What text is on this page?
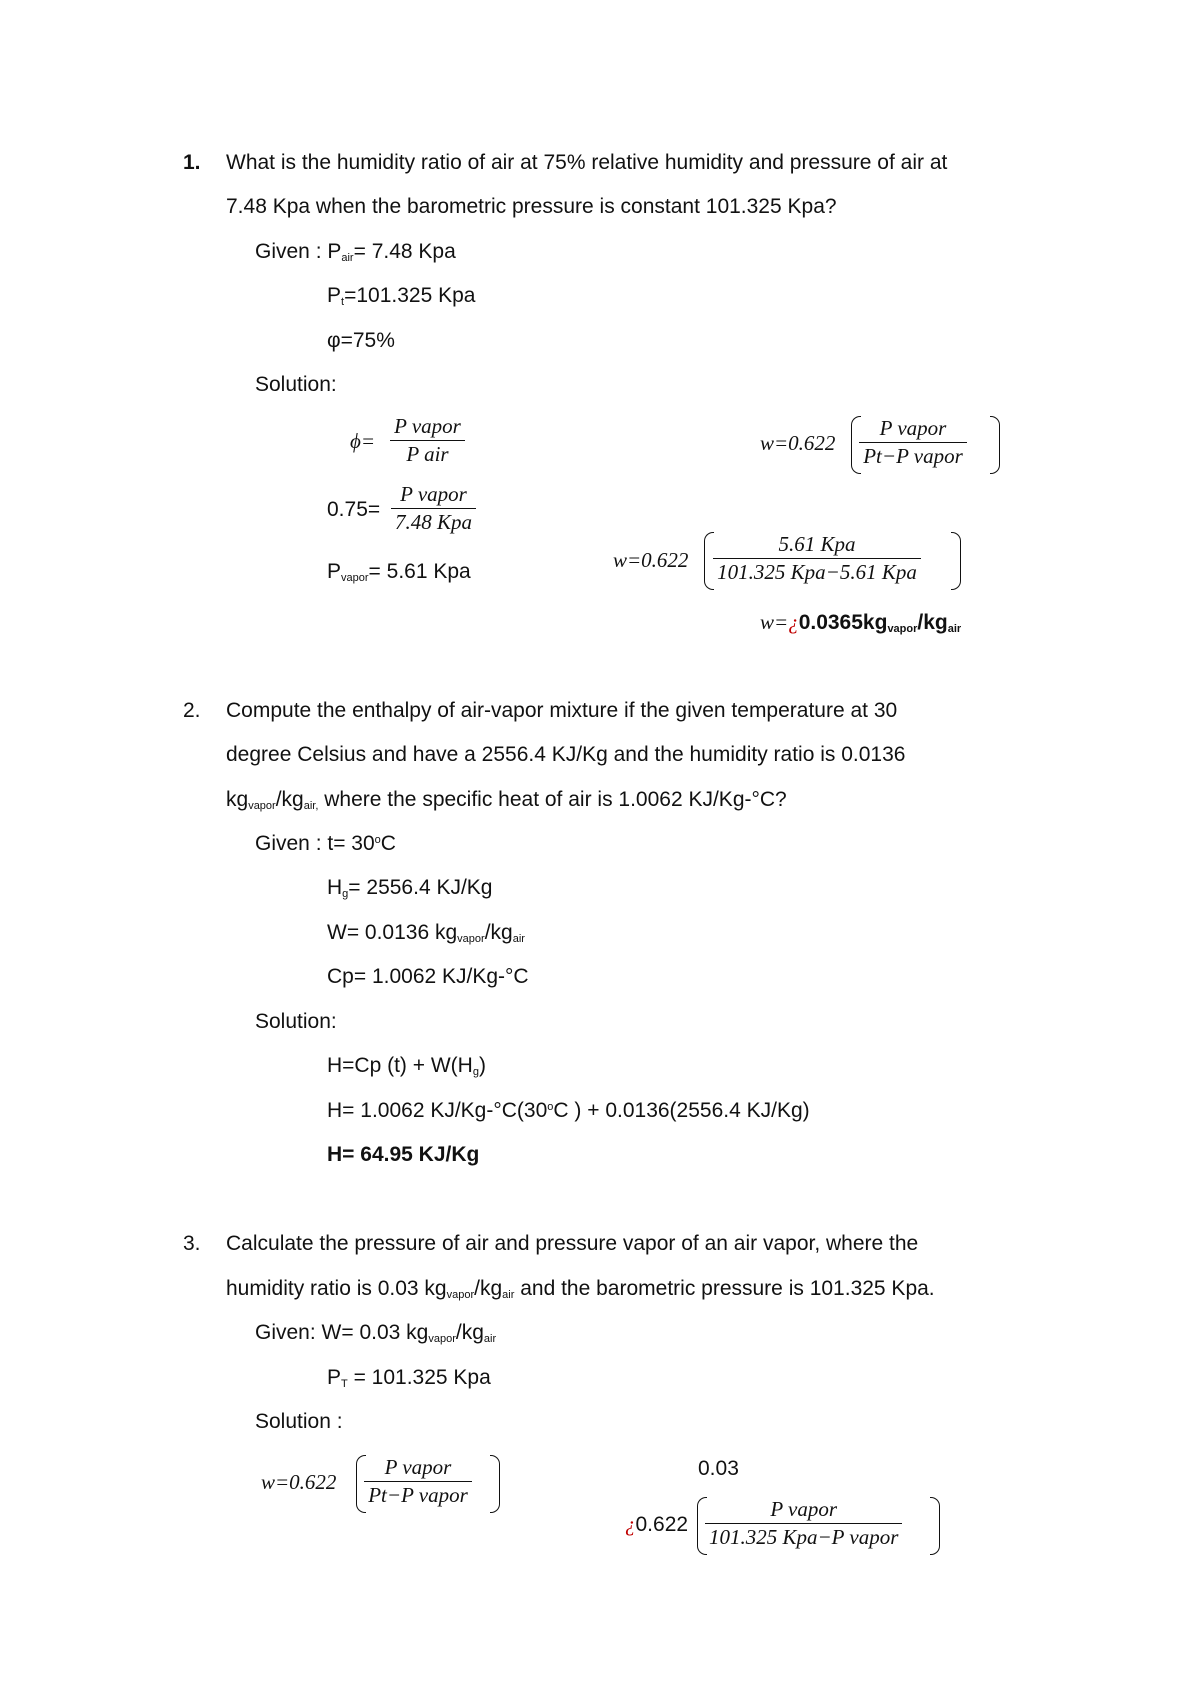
1. What is the humidity ratio of air at 75% relative humidity and pressure of air at
7.48 Kpa when the barometric pressure is constant 101.325 Kpa?
Given : $P_{air}= 7.48$ Kpa
$P_t=101.325$ Kpa
φ=75%
Solution:
ϕ=
P vapor
P air
0.75=
P vapor
7.48 Kpa
$P_{vapor}= 5.61$ Kpa
w=0.622
P vapor
Pt−P vapor
w=0.622
5.61 Kpa
101.325 Kpa−5.61 Kpa
$w=¿0.0365kg_{vapor}/kg_{air}$
2. Compute the enthalpy of air-vapor mixture if the given temperature at 30
degree Celsius and have a 2556.4 KJ/Kg and the humidity ratio is 0.0136
$kg_{vapor}/kg_{air,}$ where the specific heat of air is 1.0062 KJ/Kg-°C?
Given : $t= 30^oC$
$H_g= 2556.4$ KJ/Kg
W= 0.0136 $kg_{vapor}/kg_{air}$
Cp= 1.0062 KJ/Kg-°C
Solution:
H=Cp $(t) + W(H_g)$
H= 1.0062 KJ/Kg-°C(30$^o$C ) + 0.0136(2556.4 KJ/Kg)
H= 64.95 KJ/Kg
3. Calculate the pressure of air and pressure vapor of an air vapor, where the
humidity ratio is 0.03 $kg_{vapor}/kg_{air}$ and the barometric pressure is 101.325 Kpa.
Given: W= 0.03 $kg_{vapor}/kg_{air}$
$P_T = 101.325$ Kpa
Solution :
w=0.622
P vapor
Pt−P vapor
0.03
¿0.622
P vapor
101.325 Kpa−P vapor
